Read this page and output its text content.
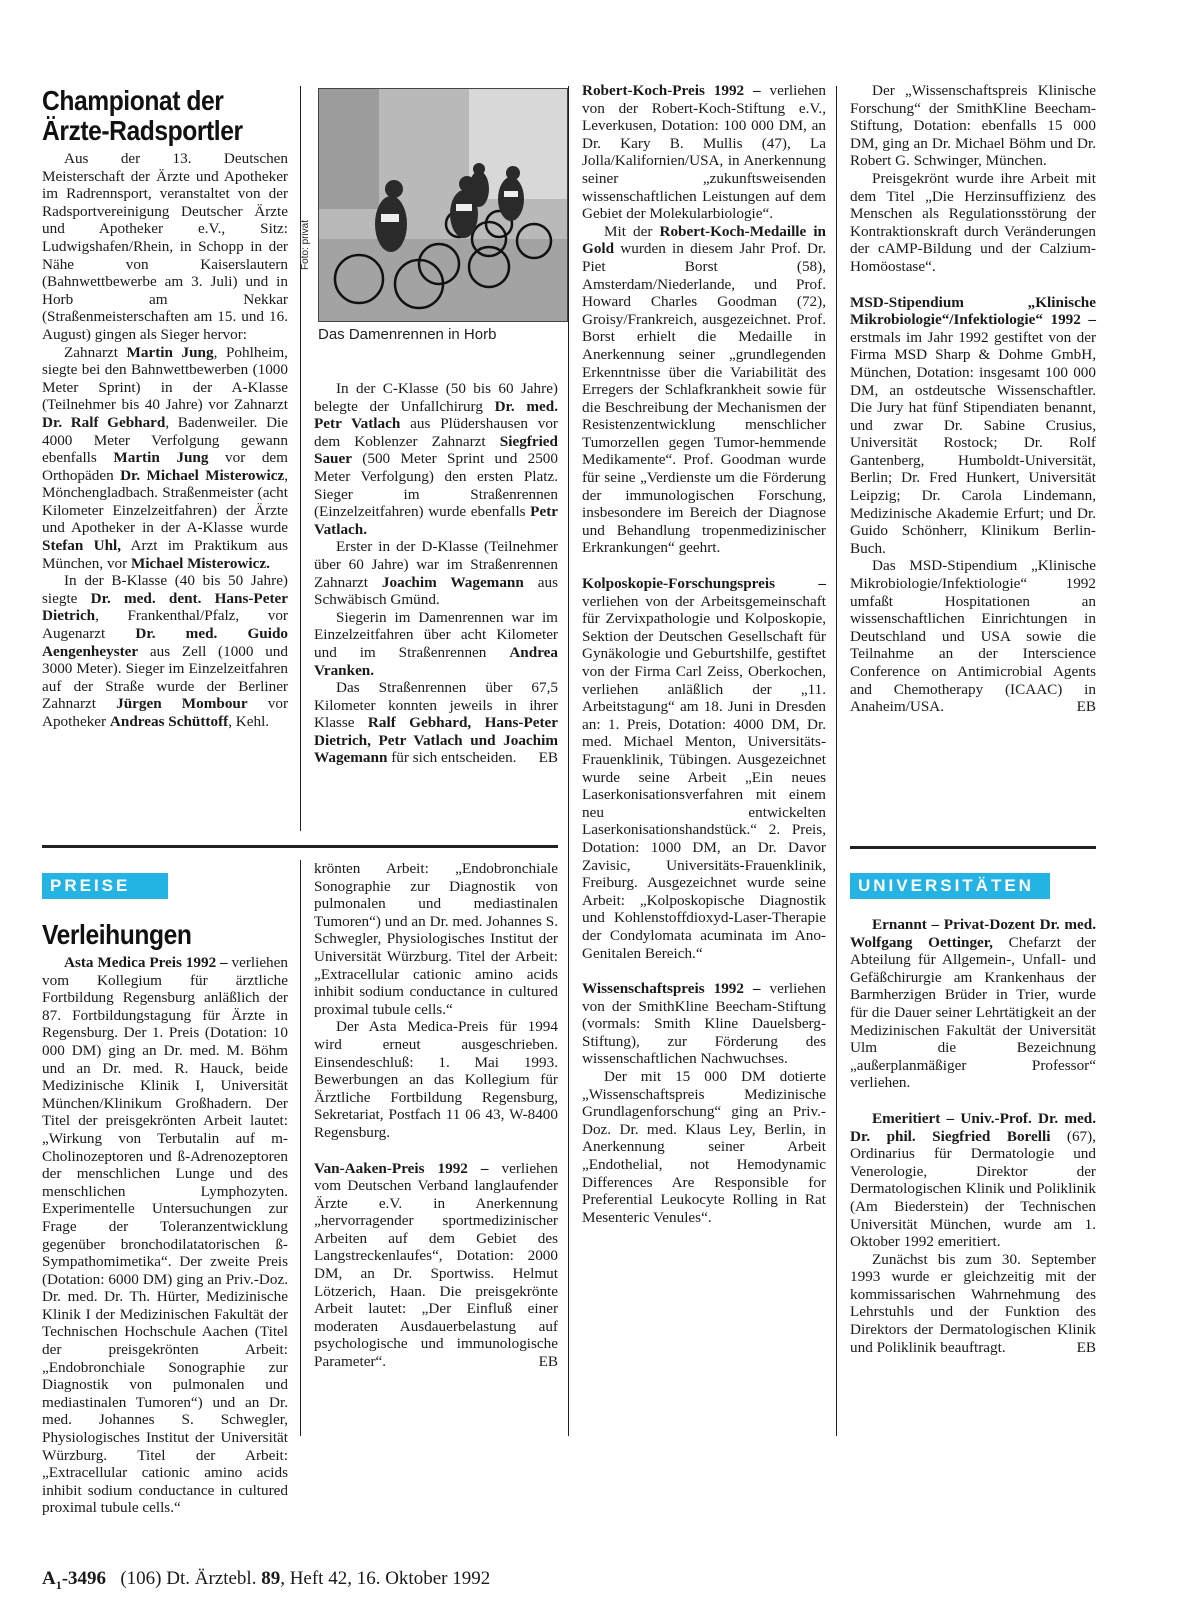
Championat der
Ärzte-Radsportler

Aus der 13. Deutschen Meisterschaft der Ärzte und Apotheker im Radrennsport, veranstaltet von der Radsportvereinigung Deutscher Ärzte und Apotheker e.V., Sitz: Ludwigshafen/Rhein, in Schopp in der Nähe von Kaiserslautern (Bahnwettbewerbe am 3. Juli) und in Horb am Nekkar (Straßenmeisterschaften am 15. und 16. August) gingen als Sieger hervor:

Zahnarzt Martin Jung, Pohlheim, siegte bei den Bahnwettbewerben (1000 Meter Sprint) in der A-Klasse (Teilnehmer bis 40 Jahre) vor Zahnarzt Dr. Ralf Gebhard, Badenweiler. Die 4000 Meter Verfolgung gewann ebenfalls Martin Jung vor dem Orthopäden Dr. Michael Misterowicz, Mönchengladbach. Straßenmeister (acht Kilometer Einzelzeitfahren) der Ärzte und Apotheker in der A-Klasse wurde Stefan Uhl, Arzt im Praktikum aus München, vor Michael Misterowicz.

In der B-Klasse (40 bis 50 Jahre) siegte Dr. med. dent. Hans-Peter Dietrich, Frankenthal/Pfalz, vor Augenarzt Dr. med. Guido Aengenheyster aus Zell (1000 und 3000 Meter). Sieger im Einzelzeitfahren auf der Straße wurde der Berliner Zahnarzt Jürgen Mombour vor Apotheker Andreas Schüttoff, Kehl.

Foto: privat
Das Damenrennen in Horb

In der C-Klasse (50 bis 60 Jahre) belegte der Unfallchirurg Dr. med. Petr Vatlach aus Plüdershausen vor dem Koblenzer Zahnarzt Siegfried Sauer (500 Meter Sprint und 2500 Meter Verfolgung) den ersten Platz. Sieger im Straßenrennen (Einzelzeitfahren) wurde ebenfalls Petr Vatlach.

Erster in der D-Klasse (Teilnehmer über 60 Jahre) war im Straßenrennen Zahnarzt Joachim Wagemann aus Schwäbisch Gmünd.

Siegerin im Damenrennen war im Einzelzeitfahren über acht Kilometer und im Straßenrennen Andrea Vranken.

Das Straßenrennen über 67,5 Kilometer konnten jeweils in ihrer Klasse Ralf Gebhard, Hans-Peter Dietrich, Petr Vatlach und Joachim Wagemann für sich entscheiden.	EB

PREISE
Verleihungen

Asta Medica Preis 1992 – verliehen vom Kollegium für ärztliche Fortbildung Regensburg anläßlich der 87. Fortbildungstagung für Ärzte in Regensburg. Der 1. Preis (Dotation: 10 000 DM) ging an Dr. med. M. Böhm und an Dr. med. R. Hauck, beide Medizinische Klinik I, Universität München/Klinikum Großhadern. Der Titel der preisgekrönten Arbeit lautet: „Wirkung von Terbutalin auf m-Cholinozeptoren und ß-Adrenozeptoren der menschlichen Lunge und des menschlichen Lymphozyten. Experimentelle Untersuchungen zur Frage der Toleranzentwicklung gegenüber bronchodilatatorischen ß-Sympathomimetika“. Der zweite Preis (Dotation: 6000 DM) ging an Priv.-Doz. Dr. med. Dr. Th. Hürter, Medizinische Klinik I der Medizinischen Fakultät der Technischen Hochschule Aachen (Titel der preisgekrönten Arbeit: „Endobronchiale Sonographie zur Diagnostik von pulmonalen und mediastinalen Tumoren“) und an Dr. med. Johannes S. Schwegler, Physiologisches Institut der Universität Würzburg. Titel der Arbeit: „Extracellular cationic amino acids inhibit sodium conductance in cultured proximal tubule cells.“

krönten Arbeit: „Endobronchiale Sonographie zur Diagnostik von pulmonalen und mediastinalen Tumoren“) und an Dr. med. Johannes S. Schwegler, Physiologisches Institut der Universität Würzburg. Titel der Arbeit: „Extracellular cationic amino acids inhibit sodium conductance in cultured proximal tubule cells.“

Der Asta Medica-Preis für 1994 wird erneut ausgeschrieben. Einsendeschluß: 1. Mai 1993. Bewerbungen an das Kollegium für Ärztliche Fortbildung Regensburg, Sekretariat, Postfach 11 06 43, W-8400 Regensburg.

Van-Aaken-Preis 1992 – verliehen vom Deutschen Verband langlaufender Ärzte e.V. in Anerkennung „hervorragender sportmedizinischer Arbeiten auf dem Gebiet des Langstreckenlaufes“, Dotation: 2000 DM, an Dr. Sportwiss. Helmut Lötzerich, Haan. Die preisgekrönte Arbeit lautet: „Der Einfluß einer moderaten Ausdauerbelastung auf psychologische und immunologische Parameter“.	EB

Robert-Koch-Preis 1992 – verliehen von der Robert-Koch-Stiftung e.V., Leverkusen, Dotation: 100 000 DM, an Dr. Kary B. Mullis (47), La Jolla/Kalifornien/USA, in Anerkennung seiner „zukunftsweisenden wissenschaftlichen Leistungen auf dem Gebiet der Molekularbiologie“.

Mit der Robert-Koch-Medaille in Gold wurden in diesem Jahr Prof. Dr. Piet Borst (58), Amsterdam/Niederlande, und Prof. Howard Charles Goodman (72), Groisy/Frankreich, ausgezeichnet. Prof. Borst erhielt die Medaille in Anerkennung seiner „grundlegenden Erkenntnisse über die Variabilität des Erregers der Schlafkrankheit sowie für die Beschreibung der Mechanismen der Resistenzentwicklung menschlicher Tumorzellen gegen Tumor-hemmende Medikamente“. Prof. Goodman wurde für seine „Verdienste um die Förderung der immunologischen Forschung, insbesondere im Bereich der Diagnose und Behandlung tropenmedizinischer Erkrankungen“ geehrt.

Kolposkopie-Forschungspreis – verliehen von der Arbeitsgemeinschaft für Zervixpathologie und Kolposkopie, Sektion der Deutschen Gesellschaft für Gynäkologie und Geburtshilfe, gestiftet von der Firma Carl Zeiss, Oberkochen, verliehen anläßlich der „11. Arbeitstagung“ am 18. Juni in Dresden an: 1. Preis, Dotation: 4000 DM, Dr. med. Michael Menton, Universitäts-Frauenklinik, Tübingen. Ausgezeichnet wurde seine Arbeit „Ein neues Laserkonisationsverfahren mit einem neu entwickelten Laserkonisationshandstück.“ 2. Preis, Dotation: 1000 DM, an Dr. Davor Zavisic, Universitäts-Frauenklinik, Freiburg. Ausgezeichnet wurde seine Arbeit: „Kolposkopische Diagnostik und Kohlenstoffdioxyd-Laser-Therapie der Condylomata acuminata im Ano-Genitalen Bereich.“

Wissenschaftspreis 1992 – verliehen von der SmithKline Beecham-Stiftung (vormals: Smith Kline Dauelsberg-Stiftung), zur Förderung des wissenschaftlichen Nachwuchses.

Der mit 15 000 DM dotierte „Wissenschaftspreis Medizinische Grundlagenforschung“ ging an Priv.-Doz. Dr. med. Klaus Ley, Berlin, in Anerkennung seiner Arbeit „Endothelial, not Hemodynamic Differences Are Responsible for Preferential Leukocyte Rolling in Rat Mesenteric Venules“.

Der „Wissenschaftspreis Klinische Forschung“ der SmithKline Beecham-Stiftung, Dotation: ebenfalls 15 000 DM, ging an Dr. Michael Böhm und Dr. Robert G. Schwinger, München.

Preisgekrönt wurde ihre Arbeit mit dem Titel „Die Herzinsuffizienz des Menschen als Regulationsstörung der Kontraktionskraft durch Veränderungen der cAMP-Bildung und der Calzium-Homöostase“.

MSD-Stipendium „Klinische Mikrobiologie“/Infektiologie“ 1992 – erstmals im Jahr 1992 gestiftet von der Firma MSD Sharp & Dohme GmbH, München, Dotation: insgesamt 100 000 DM, an ostdeutsche Wissenschaftler. Die Jury hat fünf Stipendiaten benannt, und zwar Dr. Sabine Crusius, Universität Rostock; Dr. Rolf Gantenberg, Humboldt-Universität, Berlin; Dr. Fred Hunkert, Universität Leipzig; Dr. Carola Lindemann, Medizinische Akademie Erfurt; und Dr. Guido Schönherr, Klinikum Berlin-Buch.

Das MSD-Stipendium „Klinische Mikrobiologie/Infektiologie“ 1992 umfaßt Hospitationen an wissenschaftlichen Einrichtungen in Deutschland und USA sowie die Teilnahme an der Interscience Conference on Antimicrobial Agents and Chemotherapy (ICAAC) in Anaheim/USA.	EB

UNIVERSITÄTEN

Ernannt – Privat-Dozent Dr. med. Wolfgang Oettinger, Chefarzt der Abteilung für Allgemein-, Unfall- und Gefäßchirurgie am Krankenhaus der Barmherzigen Brüder in Trier, wurde für die Dauer seiner Lehrtätigkeit an der Medizinischen Fakultät der Universität Ulm die Bezeichnung „außerplanmäßiger Professor“ verliehen.

Emeritiert – Univ.-Prof. Dr. med. Dr. phil. Siegfried Borelli (67), Ordinarius für Dermatologie und Venerologie, Direktor der Dermatologischen Klinik und Poliklinik (Am Biederstein) der Technischen Universität München, wurde am 1. Oktober 1992 emeritiert.

Zunächst bis zum 30. September 1993 wurde er gleichzeitig mit der kommissarischen Wahrnehmung des Lehrstuhls und der Funktion des Direktors der Dermatologischen Klinik und Poliklinik beauftragt.	EB

$A_1-3496$ (106) Dt. Ärztebl. 89, Heft 42, 16. Oktober 1992
